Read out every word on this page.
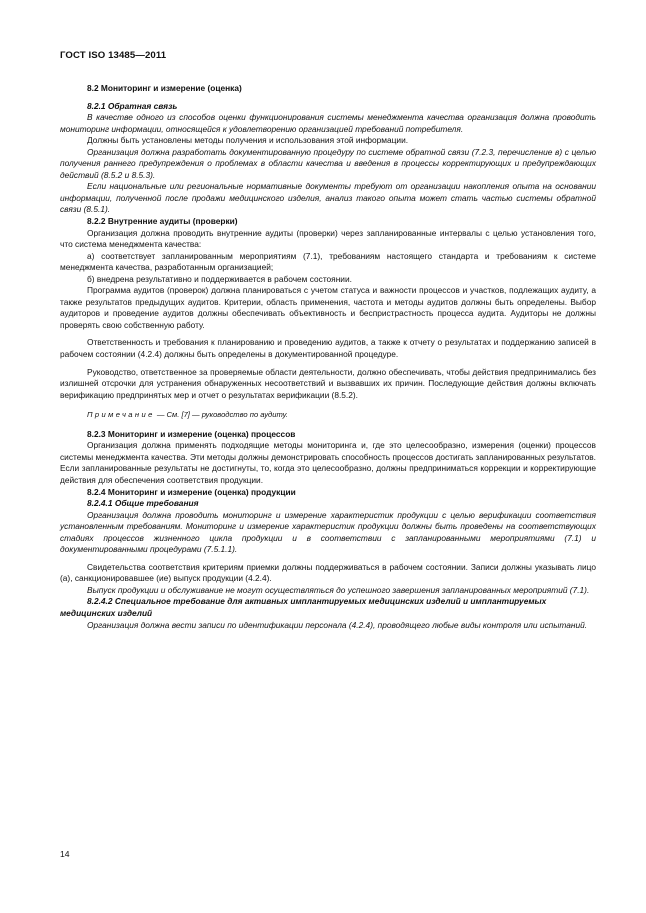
ГОСТ ISO 13485—2011

8.2 Мониторинг и измерение (оценка)

8.2.1 Обратная связь

В качестве одного из способов оценки функционирования системы менеджмента качества организация должна проводить мониторинг информации, относящейся к удовлетворению организацией требований потребителя.

Должны быть установлены методы получения и использования этой информации.

Организация должна разработать документированную процедуру по системе обратной связи (7.2.3, перечисление в) с целью получения раннего предупреждения о проблемах в области качества и введения в процессы корректирующих и предупреждающих действий (8.5.2 и 8.5.3).

Если национальные или региональные нормативные документы требуют от организации накопления опыта на основании информации, полученной после продажи медицинского изделия, анализ такого опыта может стать частью системы обратной связи (8.5.1).

8.2.2 Внутренние аудиты (проверки)

Организация должна проводить внутренние аудиты (проверки) через запланированные интервалы с целью установления того, что система менеджмента качества:

а) соответствует запланированным мероприятиям (7.1), требованиям настоящего стандарта и требованиям к системе менеджмента качества, разработанным организацией;

б) внедрена результативно и поддерживается в рабочем состоянии.

Программа аудитов (проверок) должна планироваться с учетом статуса и важности процессов и участков, подлежащих аудиту, а также результатов предыдущих аудитов. Критерии, область применения, частота и методы аудитов должны быть определены. Выбор аудиторов и проведение аудитов должны обеспечивать объективность и беспристрастность процесса аудита. Аудиторы не должны проверять свою собственную работу.

Ответственность и требования к планированию и проведению аудитов, а также к отчету о результатах и поддержанию записей в рабочем состоянии (4.2.4) должны быть определены в документированной процедуре.

Руководство, ответственное за проверяемые области деятельности, должно обеспечивать, чтобы действия предпринимались без излишней отсрочки для устранения обнаруженных несоответствий и вызвавших их причин. Последующие действия должны включать верификацию предпринятых мер и отчет о результатах верификации (8.5.2).

Примечание — См. [7] — руководство по аудиту.

8.2.3 Мониторинг и измерение (оценка) процессов

Организация должна применять подходящие методы мониторинга и, где это целесообразно, измерения (оценки) процессов системы менеджмента качества. Эти методы должны демонстрировать способность процессов достигать запланированных результатов. Если запланированные результаты не достигнуты, то, когда это целесообразно, должны предприниматься коррекции и корректирующие действия для обеспечения соответствия продукции.

8.2.4 Мониторинг и измерение (оценка) продукции

8.2.4.1 Общие требования

Организация должна проводить мониторинг и измерение характеристик продукции с целью верификации соответствия установленным требованиям. Мониторинг и измерение характеристик продукции должны быть проведены на соответствующих стадиях процессов жизненного цикла продукции и в соответствии с запланированными мероприятиями (7.1) и документированными процедурами (7.5.1.1).

Свидетельства соответствия критериям приемки должны поддерживаться в рабочем состоянии. Записи должны указывать лицо (а), санкционировавшее (ие) выпуск продукции (4.2.4).

Выпуск продукции и обслуживание не могут осуществляться до успешного завершения запланированных мероприятий (7.1).

8.2.4.2 Специальное требование для активных имплантируемых медицинских изделий и имплантируемых медицинских изделий

Организация должна вести записи по идентификации персонала (4.2.4), проводящего любые виды контроля или испытаний.

14
